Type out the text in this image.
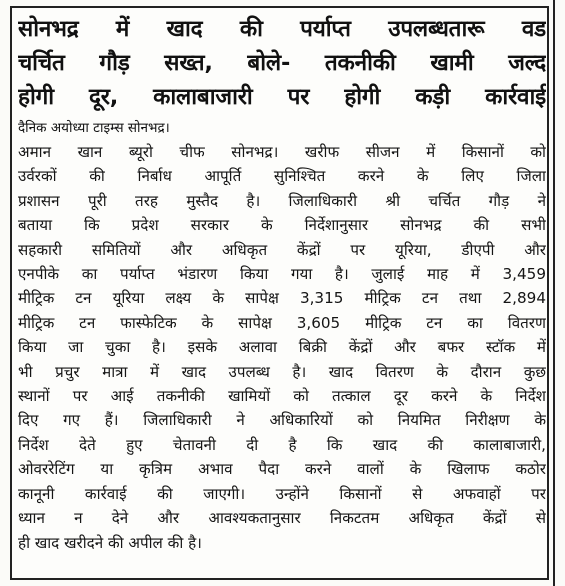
सोनभद्र में खाद की पर्याप्त उपलब्धतारू वड
चर्चित गौड़ सख्त, बोले- तकनीकी खामी जल्द
होगी दूर, कालाबाजारी पर होगी कड़ी कार्रवाई
दैनिक अयोध्या टाइम्स सोनभद्र।
अमान खान ब्यूरो चीफ सोनभद्र। खरीफ सीजन में किसानों को
उर्वरकों की निर्बाध आपूर्ति सुनिश्चित करने के लिए जिला
प्रशासन पूरी तरह मुस्तैद है। जिलाधिकारी श्री चर्चित गौड़ ने
बताया कि प्रदेश सरकार के निर्देशानुसार सोनभद्र की सभी
सहकारी समितियों और अधिकृत केंद्रों पर यूरिया, डीएपी और
एनपीके का पर्याप्त भंडारण किया गया है। जुलाई माह में 3,459
मीट्रिक टन यूरिया लक्ष्य के सापेक्ष 3,315 मीट्रिक टन तथा 2,894
मीट्रिक टन फास्फेटिक के सापेक्ष 3,605 मीट्रिक टन का वितरण
किया जा चुका है। इसके अलावा बिक्री केंद्रों और बफर स्टॉक में
भी प्रचुर मात्रा में खाद उपलब्ध है। खाद वितरण के दौरान कुछ
स्थानों पर आई तकनीकी खामियों को तत्काल दूर करने के निर्देश
दिए गए हैं। जिलाधिकारी ने अधिकारियों को नियमित निरीक्षण के
निर्देश देते हुए चेतावनी दी है कि खाद की कालाबाजारी,
ओवररेटिंग या कृत्रिम अभाव पैदा करने वालों के खिलाफ कठोर
कानूनी कार्रवाई की जाएगी। उन्होंने किसानों से अफवाहों पर
ध्यान न देने और आवश्यकतानुसार निकटतम अधिकृत केंद्रों से
ही खाद खरीदने की अपील की है।
